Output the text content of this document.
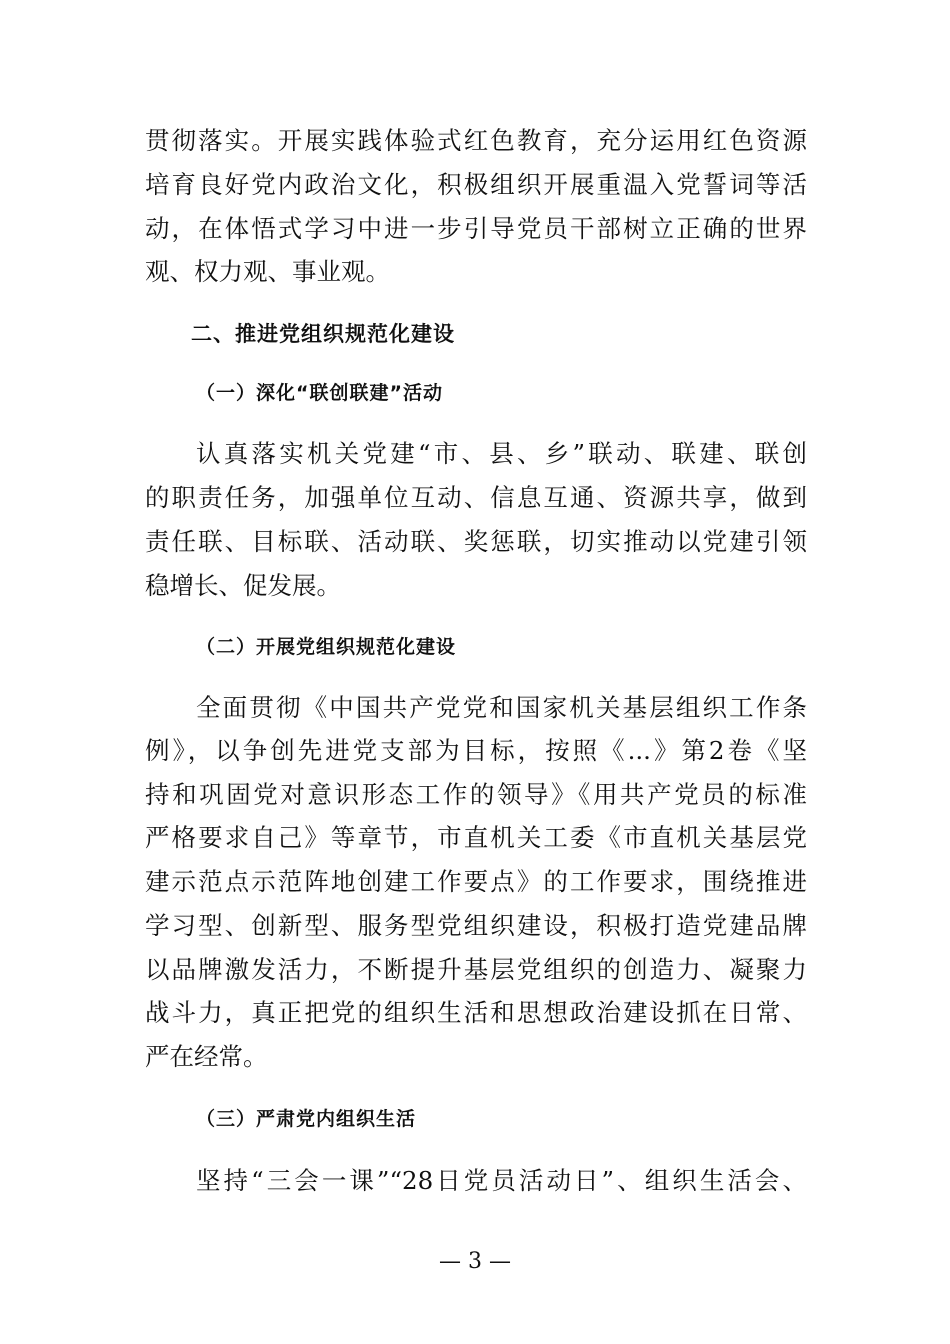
贯彻落实。开展实践体验式红色教育，充分运用红色资源
培育良好党内政治文化，积极组织开展重温入党誓词等活
动，在体悟式学习中进一步引导党员干部树立正确的世界
观、权力观、事业观。
二、推进党组织规范化建设
（一）深化“联创联建”活动
认真落实机关党建“市、县、乡”联动、联建、联创
的职责任务，加强单位互动、信息互通、资源共享，做到
责任联、目标联、活动联、奖惩联，切实推动以党建引领
稳增长、促发展。
（二）开展党组织规范化建设
全面贯彻《中国共产党党和国家机关基层组织工作条
例》，以争创先进党支部为目标，按照《...》第2卷《坚
持和巩固党对意识形态工作的领导》《用共产党员的标准
严格要求自己》等章节，市直机关工委《市直机关基层党
建示范点示范阵地创建工作要点》的工作要求，围绕推进
学习型、创新型、服务型党组织建设，积极打造党建品牌
以品牌激发活力，不断提升基层党组织的创造力、凝聚力
战斗力，真正把党的组织生活和思想政治建设抓在日常、
严在经常。
（三）严肃党内组织生活
坚持“三会一课”“28日党员活动日”、组织生活会、
— 3 —
